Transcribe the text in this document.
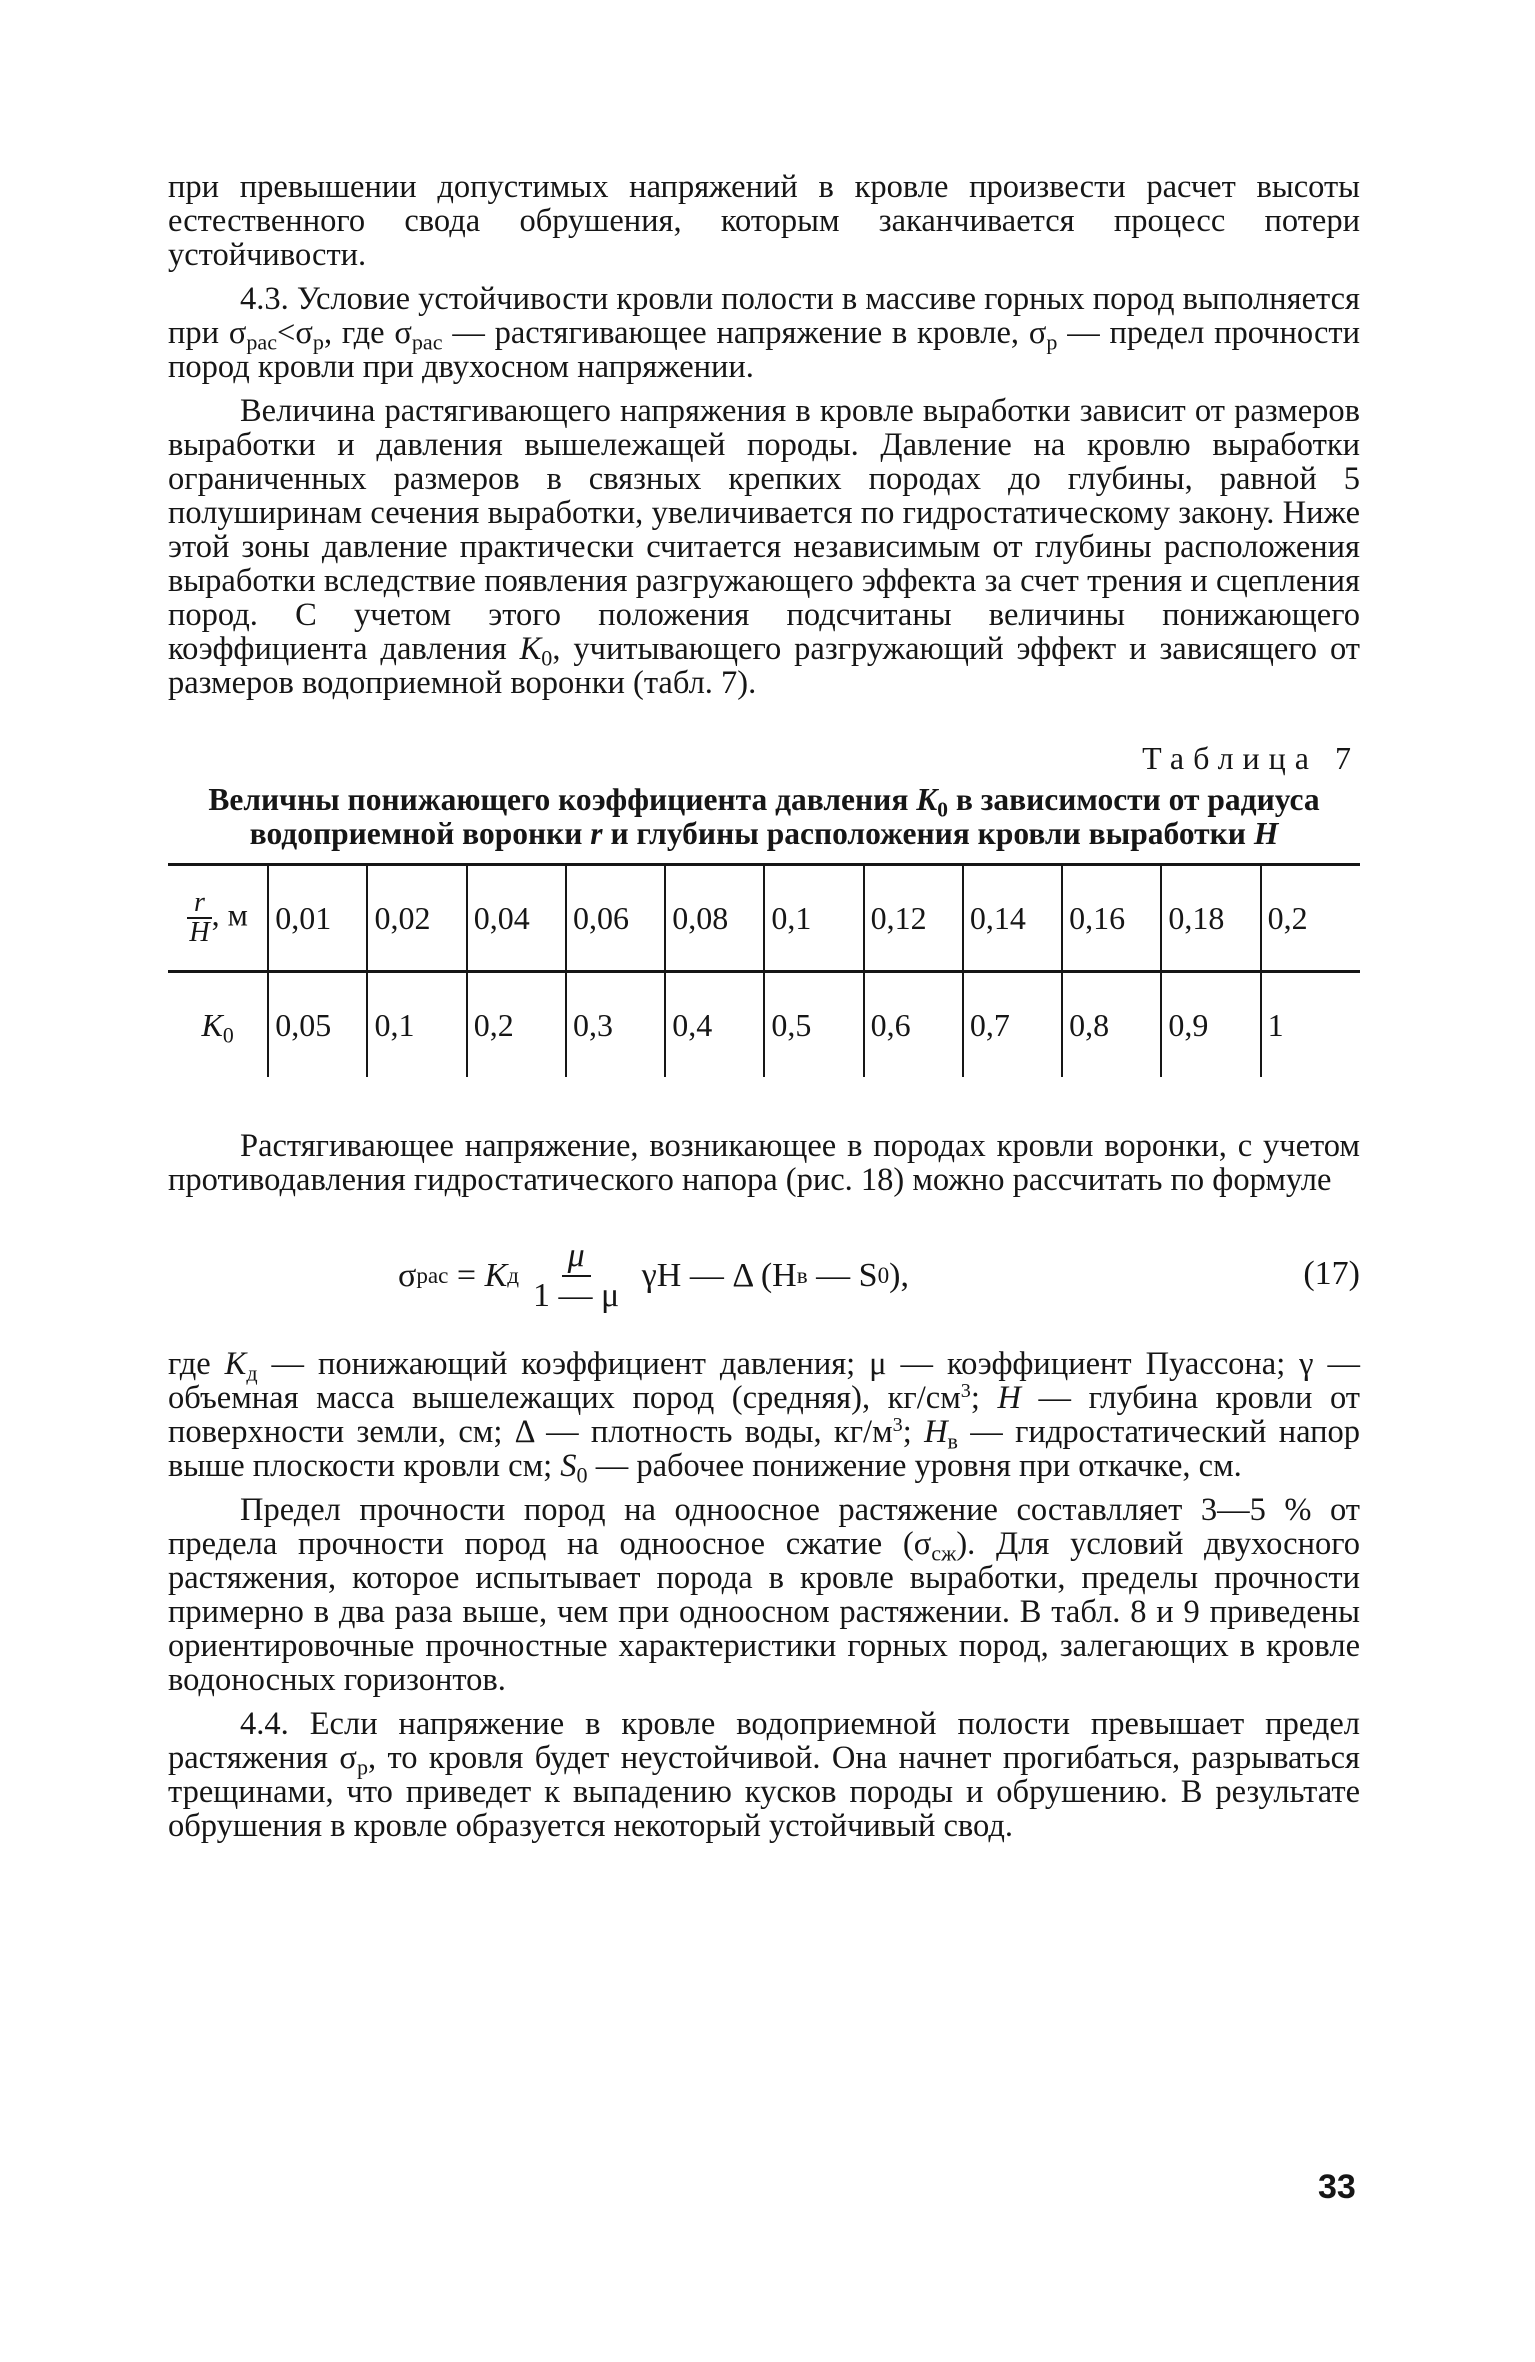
при превышении допустимых напряжений в кровле произвести расчет высоты естественного свода обрушения, которым заканчивается процесс потери устойчивости.

4.3. Условие устойчивости кровли полости в массиве горных пород выполняется при $\sigma_{рас}<\sigma_р$, где $\sigma_{рас}$ — растягивающее напряжение в кровле, $\sigma_р$ — предел прочности пород кровли при двухосном напряжении.

Величина растягивающего напряжения в кровле выработки зависит от размеров выработки и давления вышележащей породы. Давление на кровлю выработки ограниченных размеров в связных крепких породах до глубины, равной 5 полуширинам сечения выработки, увеличивается по гидростатическому закону. Ниже этой зоны давление практически считается независимым от глубины расположения выработки вследствие появления разгружающего эффекта за счет трения и сцепления пород. С учетом этого положения подсчитаны величины понижающего коэффициента давления $K_0$, учитывающего разгружающий эффект и зависящего от размеров водоприемной воронки (табл. 7).

Таблица 7

Величны понижающего коэффициента давления $K_0$ в зависимости от радиуса водоприемной воронки r и глубины расположения кровли выработки H

$\frac{r}{H}$ , м	0,01	0,02	0,04	0,06	0,08	0,1	0,12	0,14	0,16	0,18	0,2

$K_0$	0,05	0,1	0,2	0,3	0,4	0,5	0,6	0,7	0,8	0,9	1

Растягивающее напряжение, возникающее в породах кровли воронки, с учетом противодавления гидростатического напора (рис. 18) можно рассчитать по формуле

σ рас = K д $\frac{\mu}{1 — \mu}$ γH — Δ (H в — S 0 ),	(17)

где $K_д$ — понижающий коэффициент давления; μ — коэффициент Пуассона; γ — объемная масса вышележащих пород (средняя), $кг/см^3$; H — глубина кровли от поверхности земли, см; Δ — плотность воды, $кг/м^3$; $H_в$ — гидростатический напор выше плоскости кровли см; $S_0$ — рабочее понижение уровня при откачке, см.

Предел прочности пород на одноосное растяжение составлляет 3—5 % от предела прочности пород на одноосное сжатие $(\sigma_{сж})$. Для условий двухосного растяжения, которое испытывает порода в кровле выработки, пределы прочности примерно в два раза выше, чем при одноосном растяжении. В табл. 8 и 9 приведены ориентировочные прочностные характеристики горных пород, залегающих в кровле водоносных горизонтов.

4.4. Если напряжение в кровле водоприемной полости превышает предел растяжения $\sigma_р$, то кровля будет неустойчивой. Она начнет прогибаться, разрываться трещинами, что приведет к выпадению кусков породы и обрушению. В результате обрушения в кровле образуется некоторый устойчивый свод.

33
